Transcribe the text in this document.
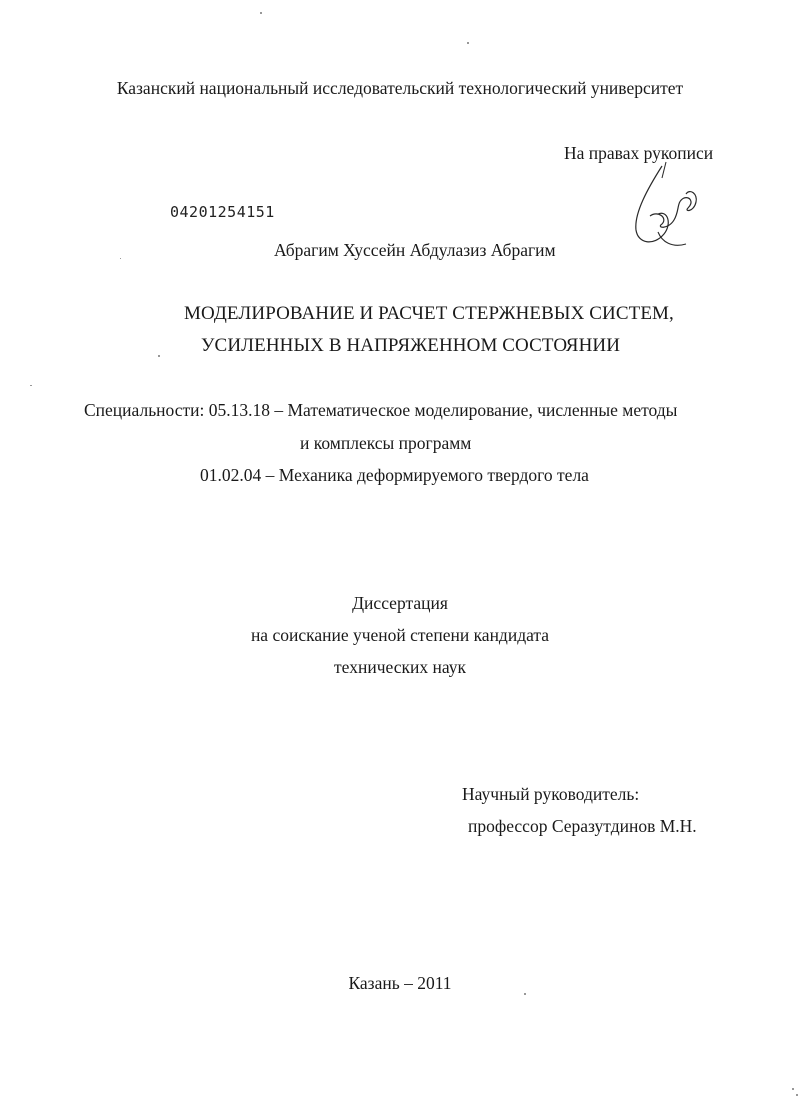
Казанский национальный исследовательский технологический университет
На правах рукописи
04201254151
Абрагим Хуссейн Абдулазиз Абрагим
МОДЕЛИРОВАНИЕ И РАСЧЕТ СТЕРЖНЕВЫХ СИСТЕМ,
УСИЛЕННЫХ В НАПРЯЖЕННОМ СОСТОЯНИИ
Специальности: 05.13.18 – Математическое моделирование, численные методы
и комплексы программ
01.02.04 – Механика деформируемого твердого тела
Диссертация
на соискание ученой степени кандидата
технических наук
Научный руководитель:
профессор Серазутдинов М.Н.
Казань – 2011
